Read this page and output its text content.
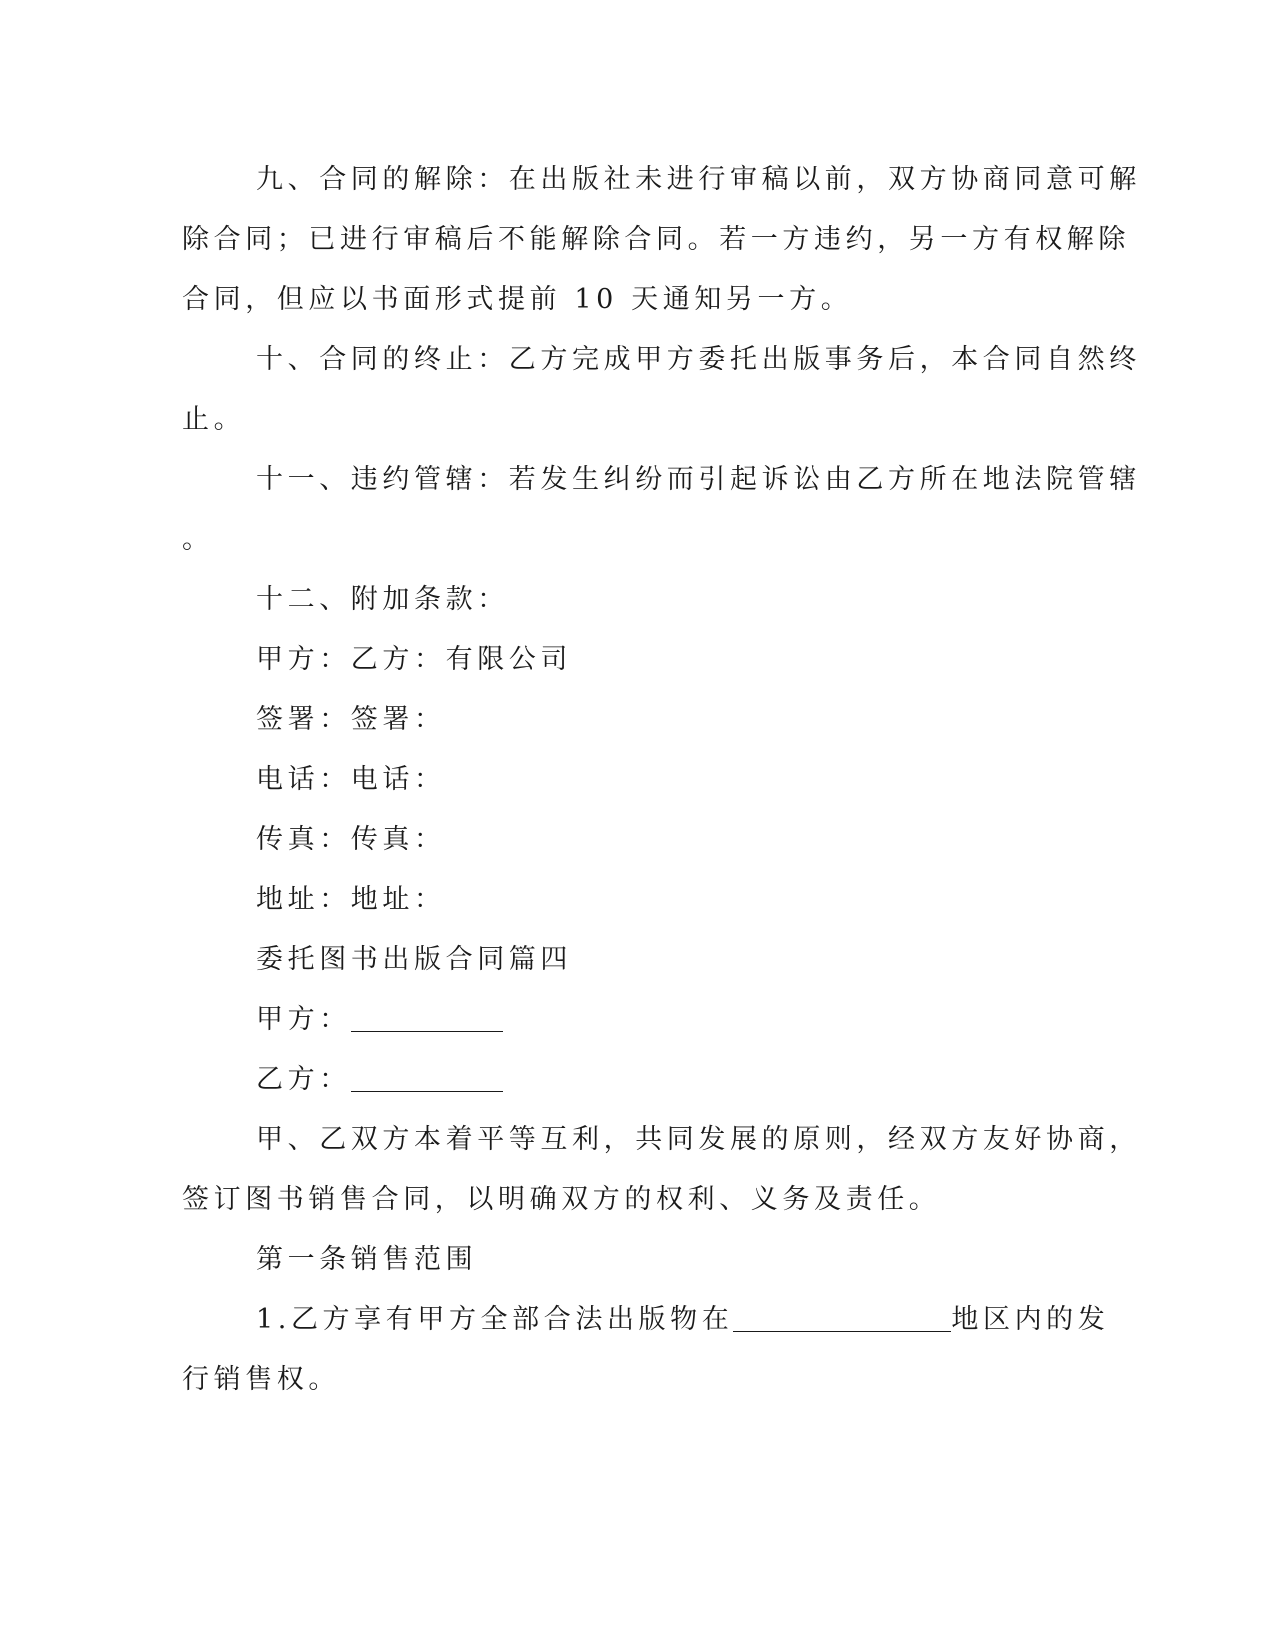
九、合同的解除：在出版社未进行审稿以前，双方协商同意可解
除合同；已进行审稿后不能解除合同。若一方违约，另一方有权解除
合同，但应以书面形式提前 10 天通知另一方。
十、合同的终止：乙方完成甲方委托出版事务后，本合同自然终
止。
十一、违约管辖：若发生纠纷而引起诉讼由乙方所在地法院管辖
。
十二、附加条款：
甲方：乙方：有限公司
签署：签署：
电话：电话：
传真：传真：
地址：地址：
委托图书出版合同篇四
甲方：
乙方：
甲、乙双方本着平等互利，共同发展的原则，经双方友好协商，
签订图书销售合同，以明确双方的权利、义务及责任。
第一条销售范围
1.乙方享有甲方全部合法出版物在	地区内的发
行销售权。
